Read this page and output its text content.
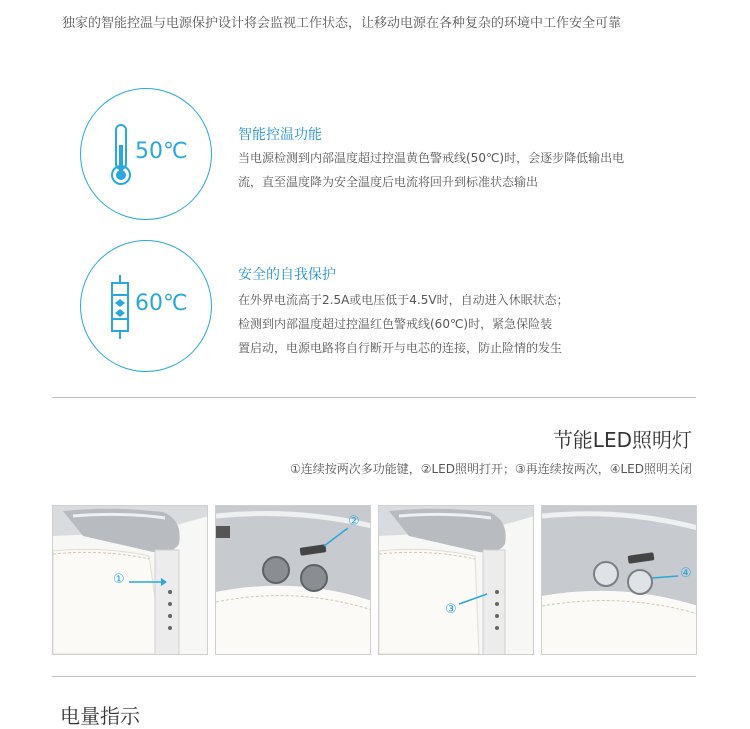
独家的智能控温与电源保护设计将会监视工作状态，让移动电源在各种复杂的环境中工作安全可靠
50℃
智能控温功能
当电源检测到内部温度超过控温黄色警戒线(50℃)时，会逐步降低输出电
流，直至温度降为安全温度后电流将回升到标准状态输出
60℃
安全的自我保护
在外界电流高于2.5A或电压低于4.5V时，自动进入休眠状态；
检测到内部温度超过控温红色警戒线(60℃)时，紧急保险装
置启动，电源电路将自行断开与电芯的连接，防止险情的发生
节能LED照明灯
①连续按两次多功能键，②LED照明打开；③再连续按两次，④LED照明关闭
①
②
③
④
电量指示
